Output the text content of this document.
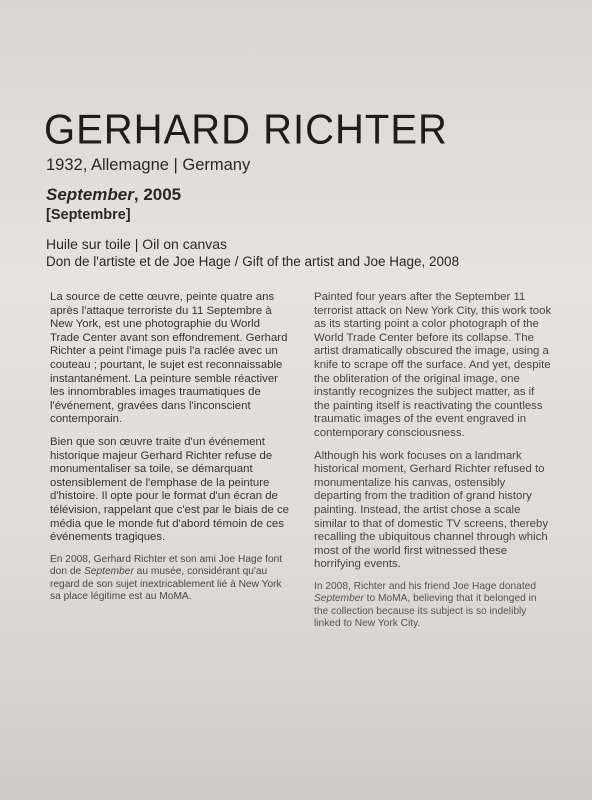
GERHARD RICHTER

1932, Allemagne | Germany

September, 2005

[Septembre]

Huile sur toile | Oil on canvas

Don de l'artiste et de Joe Hage / Gift of the artist and Joe Hage, 2008

La source de cette œuvre, peinte quatre ans après l'attaque terroriste du 11 Septembre à New York, est une photographie du World Trade Center avant son effondrement. Gerhard Richter a peint l'image puis l'a raclée avec un couteau ; pourtant, le sujet est reconnaissable instantanément. La peinture semble réactiver les innombrables images traumatiques de l'événement, gravées dans l'inconscient contemporain.

Bien que son œuvre traite d'un événement historique majeur Gerhard Richter refuse de monumentaliser sa toile, se démarquant ostensiblement de l'emphase de la peinture d'histoire. Il opte pour le format d'un écran de télévision, rappelant que c'est par le biais de ce média que le monde fut d'abord témoin de ces événements tragiques.

En 2008, Gerhard Richter et son ami Joe Hage font don de September au musée, considérant qu'au regard de son sujet inextricablement lié à New York sa place légitime est au MoMA.

Painted four years after the September 11 terrorist attack on New York City, this work took as its starting point a color photograph of the World Trade Center before its collapse. The artist dramatically obscured the image, using a knife to scrape off the surface. And yet, despite the obliteration of the original image, one instantly recognizes the subject matter, as if the painting itself is reactivating the countless traumatic images of the event engraved in contemporary consciousness.

Although his work focuses on a landmark historical moment, Gerhard Richter refused to monumentalize his canvas, ostensibly departing from the tradition of grand history painting. Instead, the artist chose a scale similar to that of domestic TV screens, thereby recalling the ubiquitous channel through which most of the world first witnessed these horrifying events.

In 2008, Richter and his friend Joe Hage donated September to MoMA, believing that it belonged in the collection because its subject is so indelibly linked to New York City.
